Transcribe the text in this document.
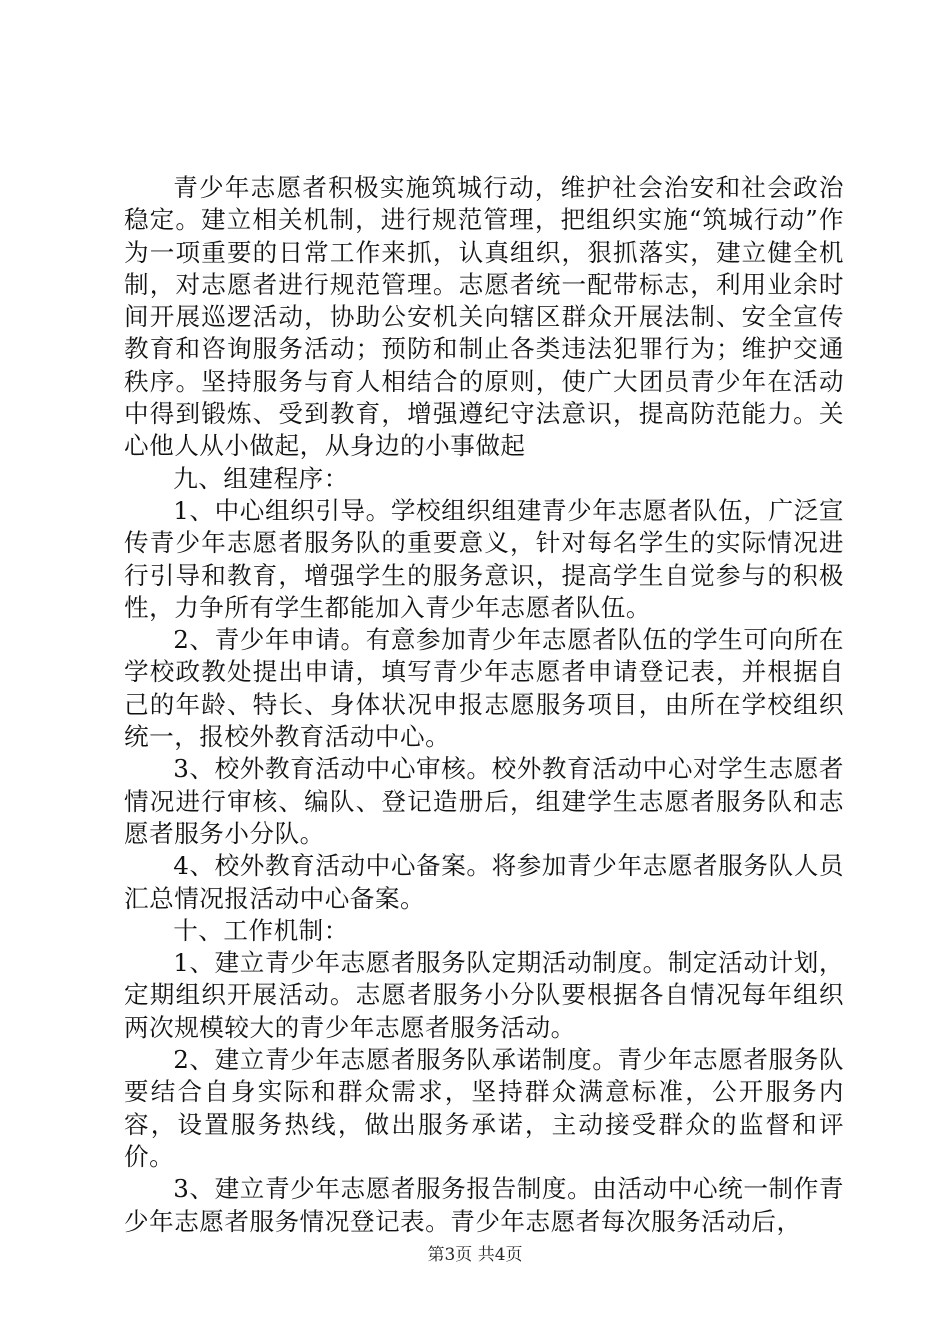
青少年志愿者积极实施筑城行动，维护社会治安和社会政治稳定。建立相关机制，进行规范管理，把组织实施“筑城行动”作为一项重要的日常工作来抓，认真组织，狠抓落实，建立健全机制，对志愿者进行规范管理。志愿者统一配带标志，利用业余时间开展巡逻活动，协助公安机关向辖区群众开展法制、安全宣传教育和咨询服务活动；预防和制止各类违法犯罪行为；维护交通秩序。坚持服务与育人相结合的原则，使广大团员青少年在活动中得到锻炼、受到教育，增强遵纪守法意识，提高防范能力。关心他人从小做起，从身边的小事做起

九、组建程序：

1、中心组织引导。学校组织组建青少年志愿者队伍，广泛宣传青少年志愿者服务队的重要意义，针对每名学生的实际情况进行引导和教育，增强学生的服务意识，提高学生自觉参与的积极性，力争所有学生都能加入青少年志愿者队伍。

2、青少年申请。有意参加青少年志愿者队伍的学生可向所在学校政教处提出申请，填写青少年志愿者申请登记表，并根据自己的年龄、特长、身体状况申报志愿服务项目，由所在学校组织统一，报校外教育活动中心。

3、校外教育活动中心审核。校外教育活动中心对学生志愿者情况进行审核、编队、登记造册后，组建学生志愿者服务队和志愿者服务小分队。

4、校外教育活动中心备案。将参加青少年志愿者服务队人员汇总情况报活动中心备案。

十、工作机制：

1、建立青少年志愿者服务队定期活动制度。制定活动计划，定期组织开展活动。志愿者服务小分队要根据各自情况每年组织两次规模较大的青少年志愿者服务活动。

2、建立青少年志愿者服务队承诺制度。青少年志愿者服务队要结合自身实际和群众需求，坚持群众满意标准，公开服务内容，设置服务热线，做出服务承诺，主动接受群众的监督和评价。

3、建立青少年志愿者服务报告制度。由活动中心统一制作青少年志愿者服务情况登记表。青少年志愿者每次服务活动后，

第3页 共4页
